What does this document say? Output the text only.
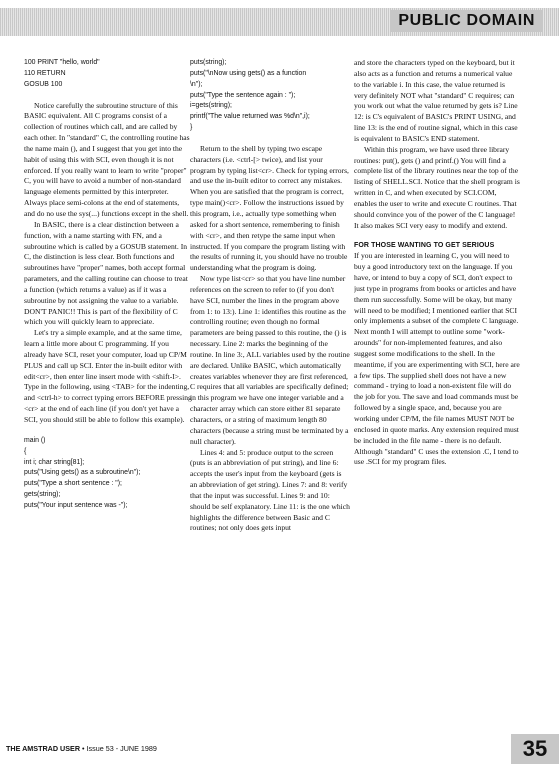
PUBLIC DOMAIN
100 PRINT "hello, world"
110 RETURN
GOSUB 100

Notice carefully the subroutine structure of this BASIC equivalent. All C programs consist of a collection of routines which call, and are called by each other. In "standard" C, the controlling routine has the name main (), and I suggest that you get into the habit of using this with SCI, even though it is not enforced. If you really want to learn to write "proper" C, you will have to avoid a number of non-standard language elements permitted by this interpreter. Always place semi-colons at the end of statements, and do no use the sys(...) functions except in the shell.

In BASIC, there is a clear distinction between a function, with a name starting with FN, and a subroutine which is called by a GOSUB statement. In C, the distinction is less clear. Both functions and subroutines have "proper" names, both accept formal parameters, and the calling routine can choose to treat a function (which returns a value) as if it was a subroutine by not assigning the value to a variable. DON'T PANIC!! This is part of the flexibility of C which you will quickly learn to appreciate.

Let's try a simple example, and at the same time, learn a little more about C programming. If you already have SCI, reset your computer, load up CP/M PLUS and call up SCI. Enter the in-built editor with edit<cr>, then enter line insert mode with <shift-I>. Type in the following, using <TAB> for the indenting, and <ctrl-h> to correct typing errors BEFORE pressing <cr> at the end of each line (if you don't yet have a SCI, you should still be able to follow this example).

main ()
{
int i; char string[81];
puts("Using gets() as a subroutine\n");
puts("Type a short sentence : ");
gets(string);
puts("Your input sentence was -");
puts(string);
puts("\nNow using gets() as a function
\n");
puts("Type the sentence again : ");
i=gets(string);
printf("The value returned was %d\n",i);
}

Return to the shell by typing two escape characters (i.e. <ctrl-[> twice), and list your program by typing list<cr>. Check for typing errors, and use the in-built editor to correct any mistakes. When you are satisfied that the program is correct, type main()<cr>. Follow the instructions issued by this program, i.e., actually type something when asked for a short sentence, remembering to finish with <cr>, and then retype the same input when instructed. If you compare the program listing with the results of running it, you should have no trouble understanding what the program is doing.

Now type list<cr> so that you have line number references on the screen to refer to (if you don't have SCI, number the lines in the program above from 1: to 13:). Line 1: identifies this routine as the controlling routine; even though no formal parameters are being passed to this routine, the () is necessary. Line 2: marks the beginning of the routine. In line 3:, ALL variables used by the routine are declared. Unlike BASIC, which automatically creates variables whenever they are first referenced, C requires that all variables are specifically defined; in this program we have one integer variable and a character array which can store either 81 separate characters, or a string of maximum length 80 characters (because a string must be terminated by a null character).

Lines 4: and 5: produce output to the screen (puts is an abbreviation of put string), and line 6: accepts the user's input from the keyboard (gets is an abbreviation of get string). Lines 7: and 8: verify that the input was successful. Lines 9: and 10: should be self explanatory. Line 11: is the one which highlights the difference between Basic and C routines; not only does gets input

and store the characters typed on the keyboard, but it also acts as a function and returns a numerical value to the variable i. In this case, the value returned is very definitely NOT what "standard" C requires; can you work out what the value returned by gets is? Line 12: is C's equivalent of BASIC's PRINT USING, and line 13: is the end of routine signal, which in this case is equivalent to BASIC's END statement.

Within this program, we have used three library routines: put(), gets () and printf.() You will find a complete list of the library routines near the top of the listing of SHELL.SCI. Notice that the shell program is written in C, and when executed by SCI.COM, enables the user to write and execute C routines. That should convince you of the power of the C language! It also makes SCI very easy to modify and extend.

FOR THOSE WANTING TO GET SERIOUS

If you are interested in learning C, you will need to buy a good introductory text on the language. If you have, or intend to buy a copy of SCI, don't expect to just type in programs from books or articles and have them run successfully. Some will be okay, but many will need to be modified; I mentioned earlier that SCI only implements a subset of the complete C language. Next month I will attempt to outline some "work-arounds" for non-implemented features, and also suggest some modifications to the shell. In the meantime, if you are experimenting with SCI, here are a few tips. The supplied shell does not have a new command - trying to load a non-existent file will do the job for you. The save and load commands must be followed by a single space, and, because you are working under CP/M, the file names MUST NOT be enclosed in quote marks. Any extension required must be included in the file name - there is no default. Although "standard" C uses the extension .C, I tend to use .SCI for my program files.

THE AMSTRAD USER • Issue 53 - JUNE 1989	35
